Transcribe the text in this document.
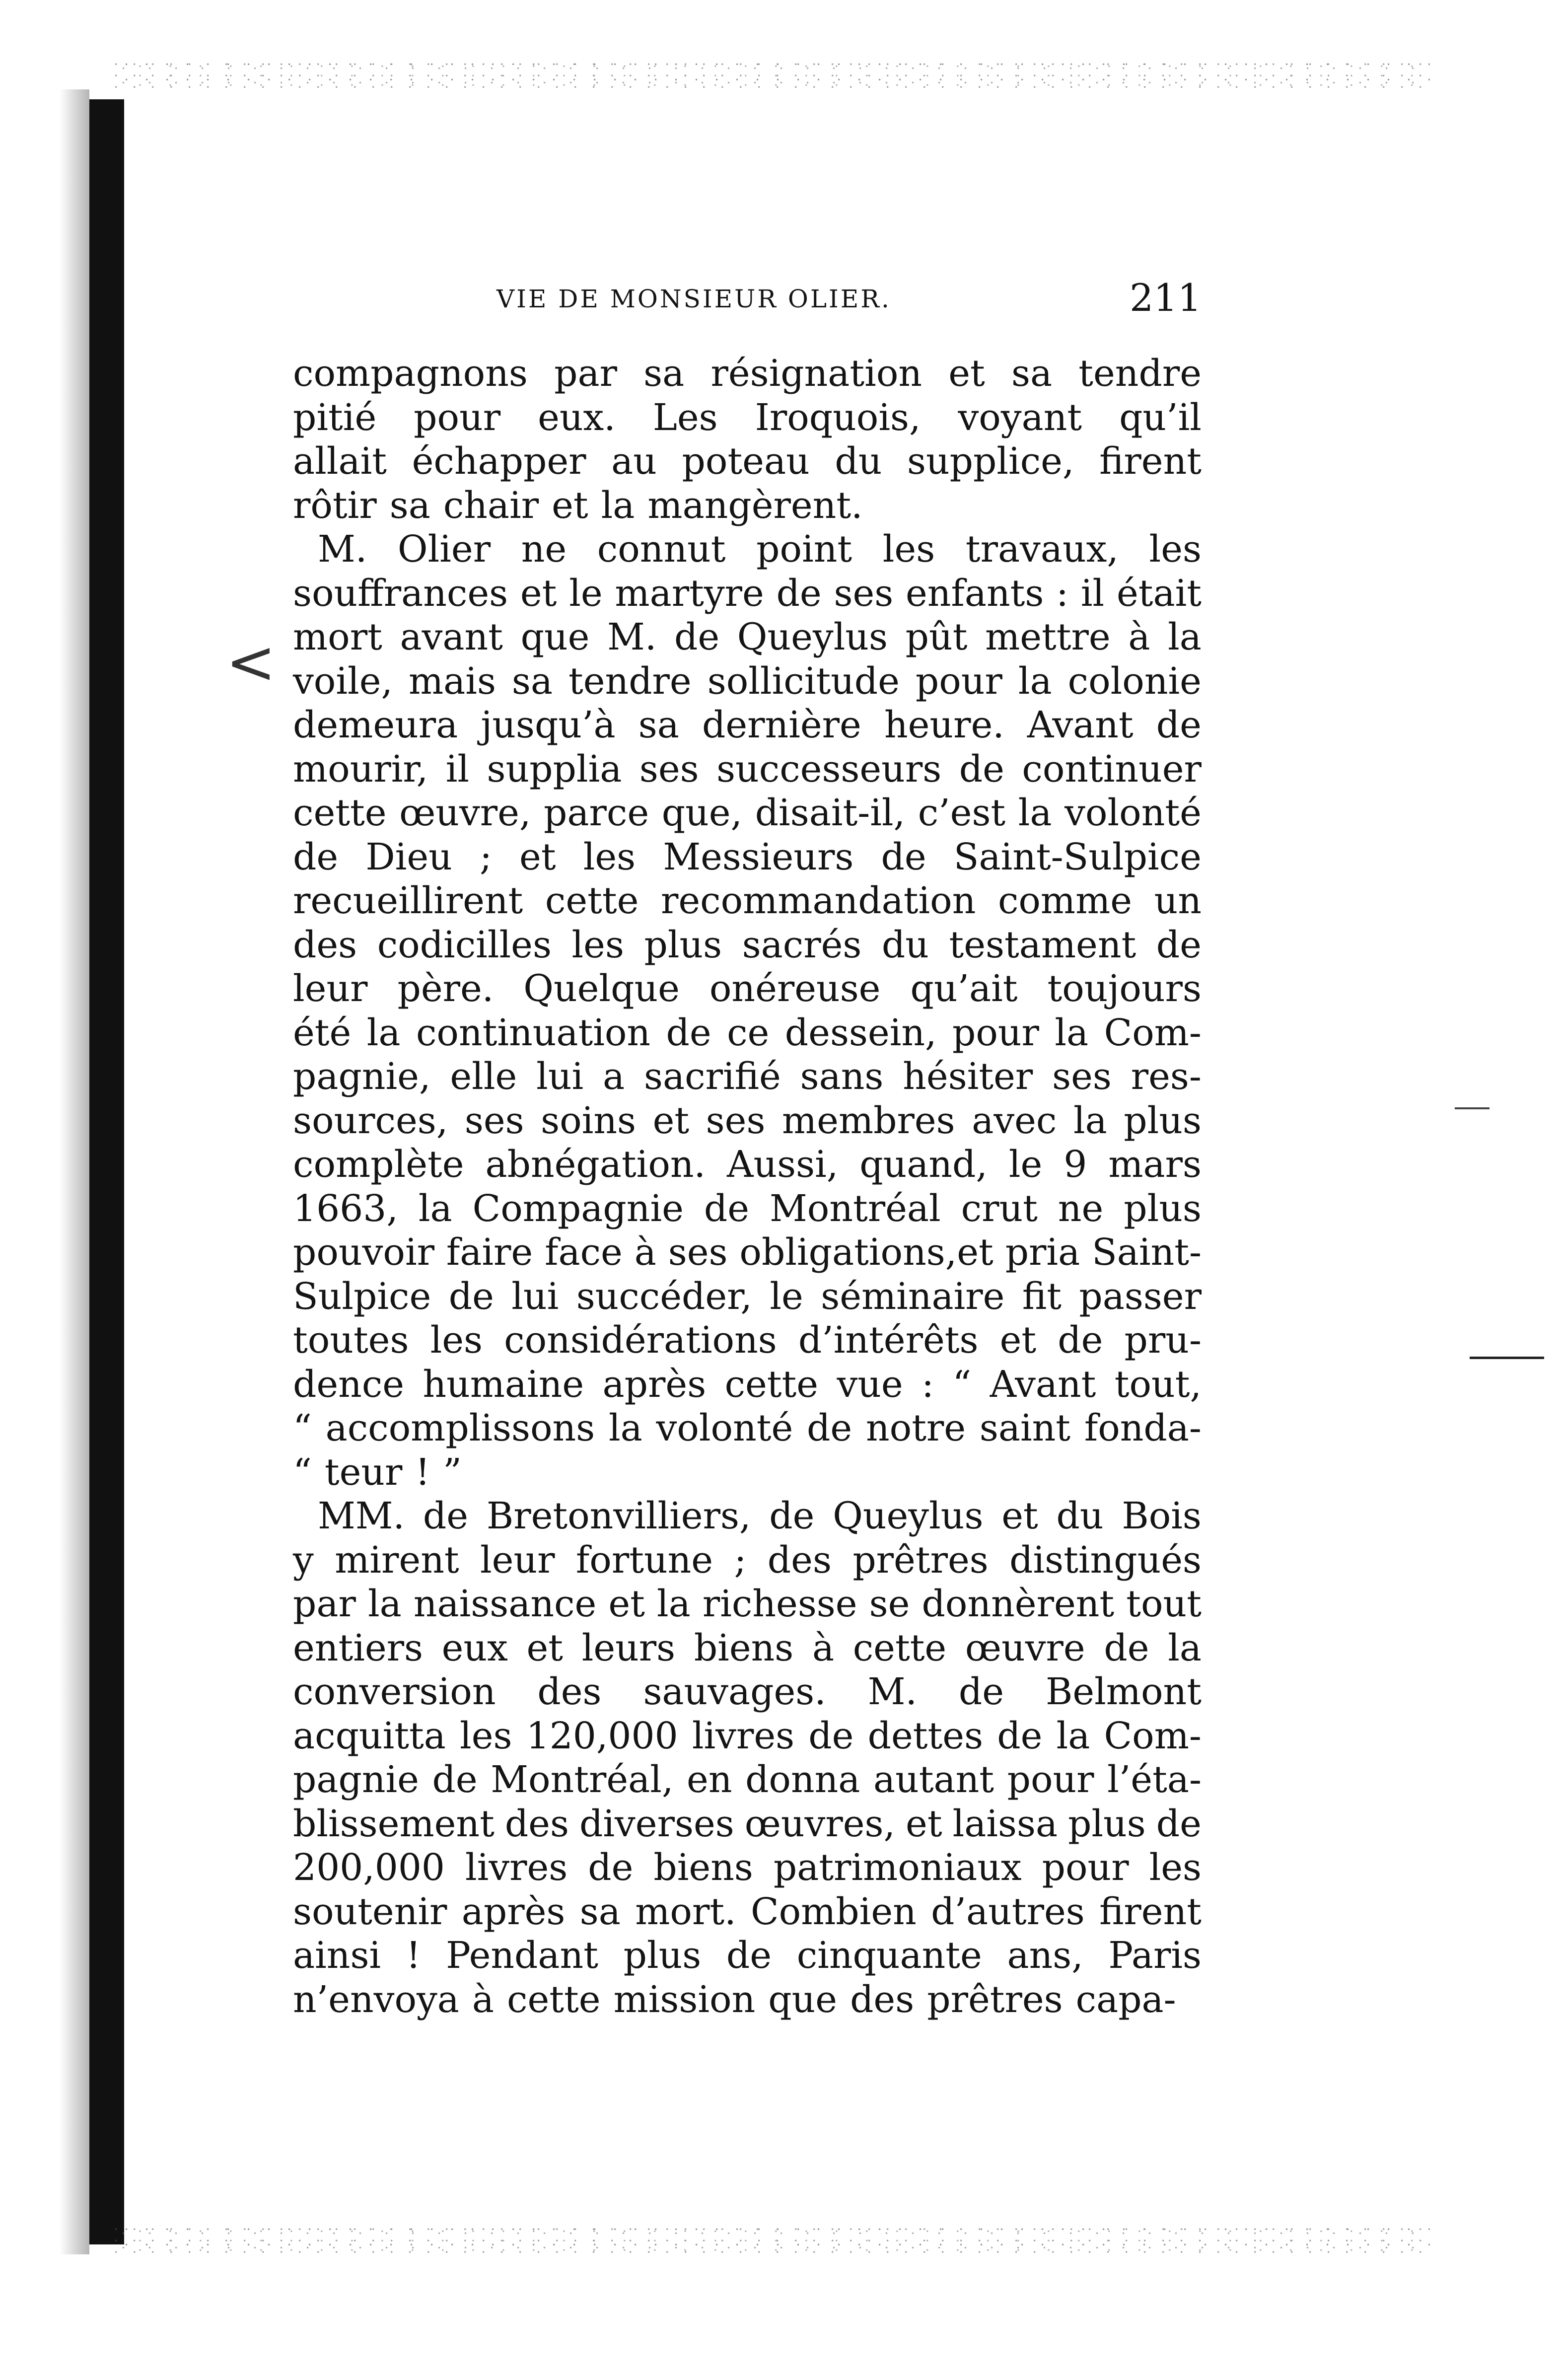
<
VIE DE MONSIEUR OLIER.	211
compagnons par sa résignation et sa tendre
pitié pour eux. Les Iroquois, voyant qu’il
allait échapper au poteau du supplice, firent
rôtir sa chair et la mangèrent.
M. Olier ne connut point les travaux, les
souffrances et le martyre de ses enfants : il était
mort avant que M. de Queylus pût mettre à la
voile, mais sa tendre sollicitude pour la colonie
demeura jusqu’à sa dernière heure. Avant de
mourir, il supplia ses successeurs de continuer
cette œuvre, parce que, disait-il, c’est la volonté
de Dieu ; et les Messieurs de Saint-Sulpice
recueillirent cette recommandation comme un
des codicilles les plus sacrés du testament de
leur père. Quelque onéreuse qu’ait toujours
été la continuation de ce dessein, pour la Com-
pagnie, elle lui a sacrifié sans hésiter ses res-
sources, ses soins et ses membres avec la plus
complète abnégation. Aussi, quand, le 9 mars
1663, la Compagnie de Montréal crut ne plus
pouvoir faire face à ses obligations,et pria Saint-
Sulpice de lui succéder, le séminaire fit passer
toutes les considérations d’intérêts et de pru-
dence humaine après cette vue : “ Avant tout,
“ accomplissons la volonté de notre saint fonda-
“ teur ! ”
MM. de Bretonvilliers, de Queylus et du Bois
y mirent leur fortune ; des prêtres distingués
par la naissance et la richesse se donnèrent tout
entiers eux et leurs biens à cette œuvre de la
conversion des sauvages. M. de Belmont
acquitta les 120,000 livres de dettes de la Com-
pagnie de Montréal, en donna autant pour l’éta-
blissement des diverses œuvres, et laissa plus de
200,000 livres de biens patrimoniaux pour les
soutenir après sa mort. Combien d’autres firent
ainsi ! Pendant plus de cinquante ans, Paris
n’envoya à cette mission que des prêtres capa-
